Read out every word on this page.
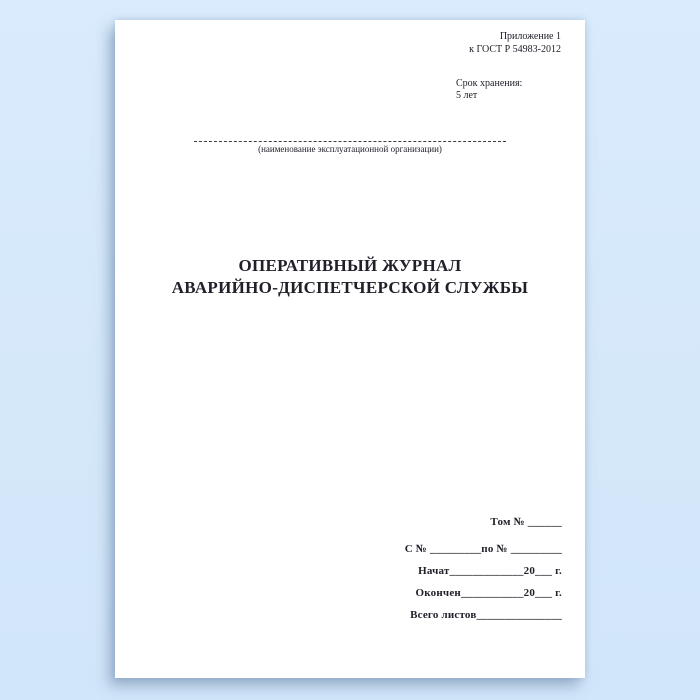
Приложение 1
к ГОСТ Р 54983-2012
Срок хранения:
5 лет
(наименование эксплуатационной организации)
ОПЕРАТИВНЫЙ ЖУРНАЛ
АВАРИЙНО-ДИСПЕТЧЕРСКОЙ СЛУЖБЫ
Том № ______
С № _________по № _________
Начат_____________20___ г.
Окончен___________20___ г.
Всего листов_______________
